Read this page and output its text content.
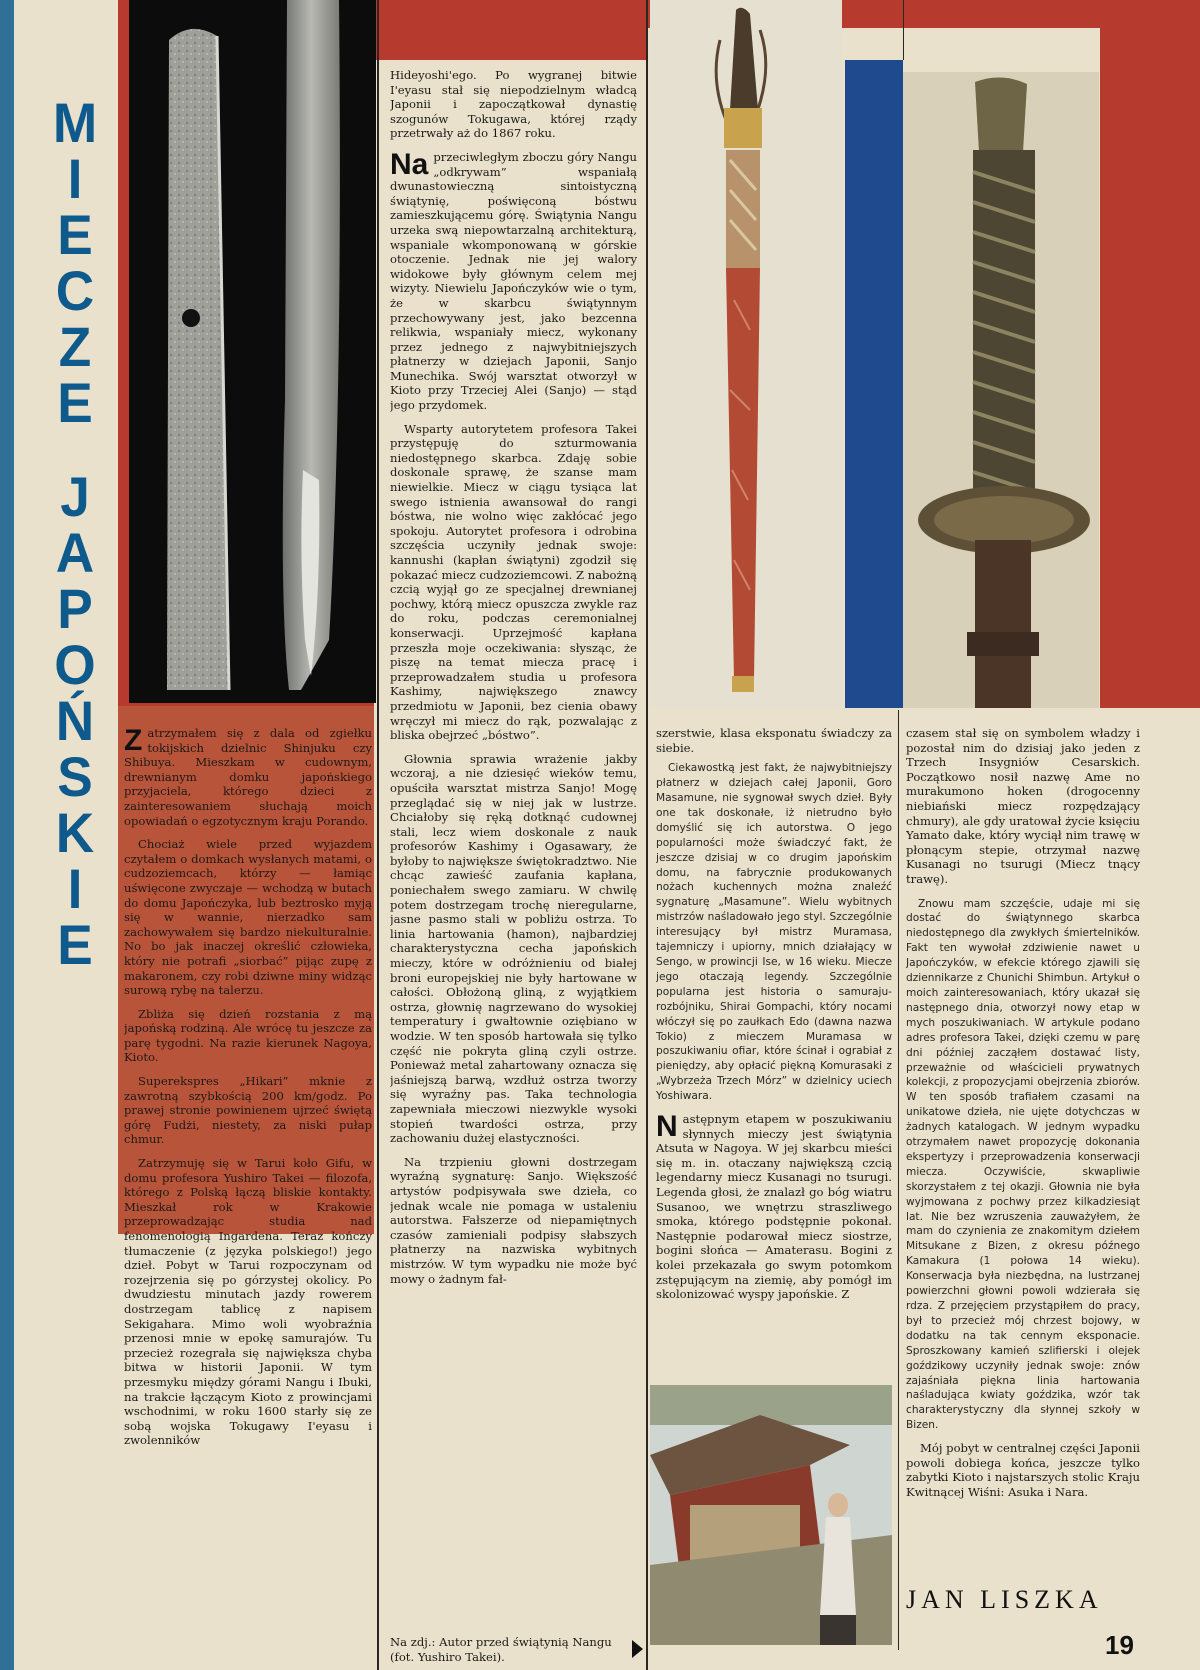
M
I
E
C
Z
E
J
A
P
O
Ń
S
K
I
E

Zatrzymałem się z dala od zgiełku tokijskich dzielnic Shinjuku czy Shibuya. Mieszkam w cudownym, drewnianym domku japońskiego przyjaciela, którego dzieci z zainteresowaniem słuchają moich opowiadań o egzotycznym kraju Porando.

Chociaż wiele przed wyjazdem czytałem o domkach wysłanych matami, o cudzoziemcach, którzy — łamiąc uświęcone zwyczaje — wchodzą w butach do domu Japończyka, lub beztrosko myją się w wannie, nierzadko sam zachowywałem się bardzo niekulturalnie. No bo jak inaczej określić człowieka, który nie potrafi „siorbać” pijąc zupę z makaronem, czy robi dziwne miny widząc surową rybę na talerzu.

Zbliża się dzień rozstania z mą japońską rodziną. Ale wrócę tu jeszcze za parę tygodni. Na razie kierunek Nagoya, Kioto.

Superekspres „Hikari” mknie z zawrotną szybkością 200 km/godz. Po prawej stronie powinienem ujrzeć świętą górę Fudżi, niestety, za niski pułap chmur.

Zatrzymuję się w Tarui koło Gifu, w domu profesora Yushiro Takei — filozofa, którego z Polską łączą bliskie kontakty. Mieszkał rok w Krakowie przeprowadzając studia nad fenomenologią Ingardena. Teraz kończy tłumaczenie (z języka polskiego!) jego dzieł. Pobyt w Tarui rozpoczynam od rozejrzenia się po górzystej okolicy. Po dwudziestu minutach jazdy rowerem dostrzegam tablicę z napisem Sekigahara. Mimo woli wyobraźnia przenosi mnie w epokę samurajów. Tu przecież rozegrała się największa chyba bitwa w historii Japonii. W tym przesmyku między górami Nangu i Ibuki, na trakcie łączącym Kioto z prowincjami wschodnimi, w roku 1600 starły się ze sobą wojska Tokugawy I'eyasu i zwolenników

Hideyoshi'ego. Po wygranej bitwie I'eyasu stał się niepodzielnym władcą Japonii i zapoczątkował dynastię szogunów Tokugawa, której rządy przetrwały aż do 1867 roku.

Na przeciwległym zboczu góry Nangu „odkrywam” wspaniałą dwunastowieczną sintoistyczną świątynię, poświęconą bóstwu zamieszkującemu górę. Świątynia Nangu urzeka swą niepowtarzalną architekturą, wspaniale wkomponowaną w górskie otoczenie. Jednak nie jej walory widokowe były głównym celem mej wizyty. Niewielu Japończyków wie o tym, że w skarbcu świątynnym przechowywany jest, jako bezcenna relikwia, wspaniały miecz, wykonany przez jednego z najwybitniejszych płatnerzy w dziejach Japonii, Sanjo Munechika. Swój warsztat otworzył w Kioto przy Trzeciej Alei (Sanjo) — stąd jego przydomek.

Wsparty autorytetem profesora Takei przystępuję do szturmowania niedostępnego skarbca. Zdaję sobie doskonale sprawę, że szanse mam niewielkie. Miecz w ciągu tysiąca lat swego istnienia awansował do rangi bóstwa, nie wolno więc zakłócać jego spokoju. Autorytet profesora i odrobina szczęścia uczyniły jednak swoje: kannushi (kapłan świątyni) zgodził się pokazać miecz cudzoziemcowi. Z nabożną czcią wyjął go ze specjalnej drewnianej pochwy, którą miecz opuszcza zwykle raz do roku, podczas ceremonialnej konserwacji. Uprzejmość kapłana przeszła moje oczekiwania: słysząc, że piszę na temat miecza pracę i przeprowadzałem studia u profesora Kashimy, największego znawcy przedmiotu w Japonii, bez cienia obawy wręczył mi miecz do rąk, pozwalając z bliska obejrzeć „bóstwo”.

Głownia sprawia wrażenie jakby wczoraj, a nie dziesięć wieków temu, opuściła warsztat mistrza Sanjo! Mogę przeglądać się w niej jak w lustrze. Chciałoby się ręką dotknąć cudownej stali, lecz wiem doskonale z nauk profesorów Kashimy i Ogasawary, że byłoby to największe świętokradztwo. Nie chcąc zawieść zaufania kapłana, poniechałem swego zamiaru. W chwilę potem dostrzegam trochę nieregularne, jasne pasmo stali w pobliżu ostrza. To linia hartowania (hamon), najbardziej charakterystyczna cecha japońskich mieczy, które w odróżnieniu od białej broni europejskiej nie były hartowane w całości. Obłożoną gliną, z wyjątkiem ostrza, głownię nagrzewano do wysokiej temperatury i gwałtownie oziębiano w wodzie. W ten sposób hartowała się tylko część nie pokryta gliną czyli ostrze. Ponieważ metal zahartowany oznacza się jaśniejszą barwą, wzdłuż ostrza tworzy się wyraźny pas. Taka technologia zapewniała mieczowi niezwykle wysoki stopień twardości ostrza, przy zachowaniu dużej elastyczności.

Na trzpieniu głowni dostrzegam wyraźną sygnaturę: Sanjo. Większość artystów podpisywała swe dzieła, co jednak wcale nie pomaga w ustaleniu autorstwa. Fałszerze od niepamiętnych czasów zamieniali podpisy słabszych płatnerzy na nazwiska wybitnych mistrzów. W tym wypadku nie może być mowy o żadnym fał-

Na zdj.: Autor przed świątynią Nangu (fot. Yushiro Takei).
szerstwie, klasa eksponatu świadczy za siebie.

Ciekawostką jest fakt, że najwybitniejszy płatnerz w dziejach całej Japonii, Goro Masamune, nie sygnował swych dzieł. Były one tak doskonałe, iż nietrudno było domyślić się ich autorstwa. O jego popularności może świadczyć fakt, że jeszcze dzisiaj w co drugim japońskim domu, na fabrycznie produkowanych nożach kuchennych można znaleźć sygnaturę „Masamune”. Wielu wybitnych mistrzów naśladowało jego styl. Szczególnie interesujący był mistrz Muramasa, tajemniczy i upiorny, mnich działający w Sengo, w prowincji Ise, w 16 wieku. Miecze jego otaczają legendy. Szczególnie popularna jest historia o samuraju-rozbójniku, Shirai Gompachi, który nocami włóczył się po zaułkach Edo (dawna nazwa Tokio) z mieczem Muramasa w poszukiwaniu ofiar, które ścinał i ograbiał z pieniędzy, aby opłacić piękną Komurasaki z „Wybrzeża Trzech Mórz” w dzielnicy uciech Yoshiwara.

Następnym etapem w poszukiwaniu słynnych mieczy jest świątynia Atsuta w Nagoya. W jej skarbcu mieści się m. in. otaczany największą czcią legendarny miecz Kusanagi no tsurugi. Legenda głosi, że znalazł go bóg wiatru Susanoo, we wnętrzu straszliwego smoka, którego podstępnie pokonał. Następnie podarował miecz siostrze, bogini słońca — Amaterasu. Bogini z kolei przekazała go swym potomkom zstępującym na ziemię, aby pomógł im skolonizować wyspy japońskie. Z
czasem stał się on symbolem władzy i pozostał nim do dzisiaj jako jeden z Trzech Insygniów Cesarskich. Początkowo nosił nazwę Ame no murakumono hoken (drogocenny niebiański miecz rozpędzający chmury), ale gdy uratował życie księciu Yamato dake, który wyciął nim trawę w płonącym stepie, otrzymał nazwę Kusanagi no tsurugi (Miecz tnący trawę).

Znowu mam szczęście, udaje mi się dostać do świątynnego skarbca niedostępnego dla zwykłych śmiertelników. Fakt ten wywołał zdziwienie nawet u Japończyków, w efekcie którego zjawili się dziennikarze z Chunichi Shimbun. Artykuł o moich zainteresowaniach, który ukazał się następnego dnia, otworzył nowy etap w mych poszukiwaniach. W artykule podano adres profesora Takei, dzięki czemu w parę dni później zacząłem dostawać listy, przeważnie od właścicieli prywatnych kolekcji, z propozycjami obejrzenia zbiorów. W ten sposób trafiałem czasami na unikatowe dzieła, nie ujęte dotychczas w żadnych katalogach. W jednym wypadku otrzymałem nawet propozycję dokonania ekspertyzy i przeprowadzenia konserwacji miecza. Oczywiście, skwapliwie skorzystałem z tej okazji. Głownia nie była wyjmowana z pochwy przez kilkadziesiąt lat. Nie bez wzruszenia zauważyłem, że mam do czynienia ze znakomitym dziełem Mitsukane z Bizen, z okresu późnego Kamakura (1 połowa 14 wieku). Konserwacja była niezbędna, na lustrzanej powierzchni głowni powoli wdzierała się rdza. Z przejęciem przystąpiłem do pracy, był to przecież mój chrzest bojowy, w dodatku na tak cennym eksponacie. Sproszkowany kamień szlifierski i olejek goździkowy uczyniły jednak swoje: znów zajaśniała piękna linia hartowania naśladująca kwiaty goździka, wzór tak charakterystyczny dla słynnej szkoły w Bizen.

Mój pobyt w centralnej części Japonii powoli dobiega końca, jeszcze tylko zabytki Kioto i najstarszych stolic Kraju Kwitnącej Wiśni: Asuka i Nara.
JAN LISZKA
19
